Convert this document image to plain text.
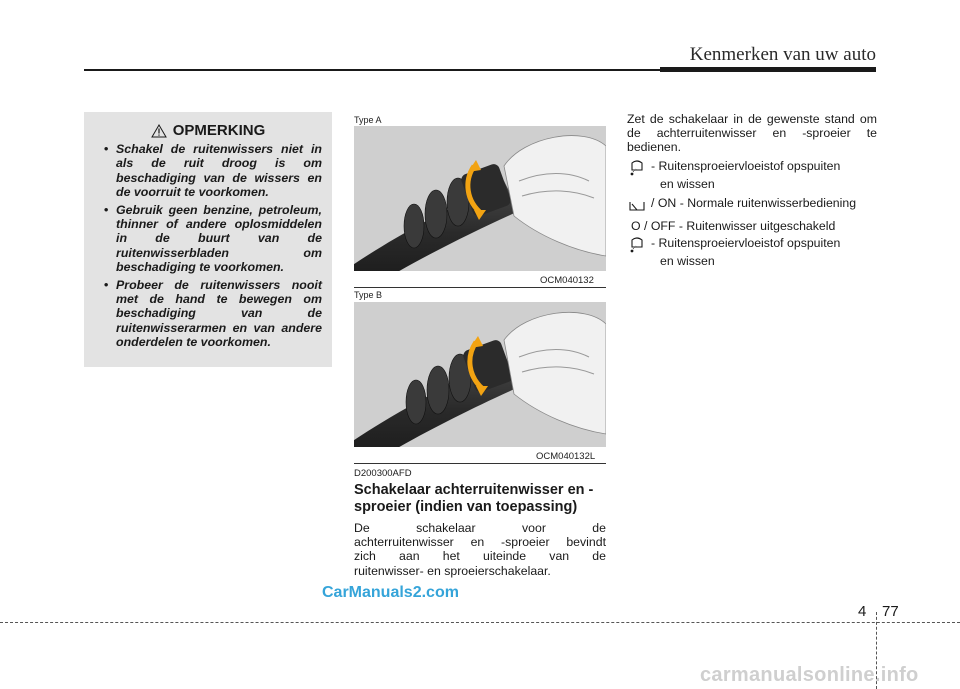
Kenmerken van uw auto
OPMERKING
• Schakel de ruitenwissers niet in als de ruit droog is om beschadiging van de wissers en de voorruit te voorkomen.
• Gebruik geen benzine, petroleum, thinner of andere oplosmiddelen in de buurt van de ruitenwisserbladen om beschadiging te voorkomen.
• Probeer de ruitenwissers nooit met de hand te bewegen om beschadiging van de ruitenwisserarmen en van andere onderdelen te voorkomen.
Type A
OCM040132
Type B
OCM040132L
D200300AFD
Schakelaar achterruitenwisser en -sproeier (indien van toepassing)
De schakelaar voor de
achterruitenwisser en -sproeier bevindt
zich aan het uiteinde van de
ruitenwisser- en sproeierschakelaar.
Zet de schakelaar in de gewenste stand om de achterruitenwisser en -sproeier te bedienen.
- Ruitensproeiervloeistof opspuiten
en wissen
/ ON - Normale ruitenwisserbediening
O / OFF - Ruitenwisser uitgeschakeld
- Ruitensproeiervloeistof opspuiten
en wissen
CarManuals2.com
carmanualsonline.info
4 77
